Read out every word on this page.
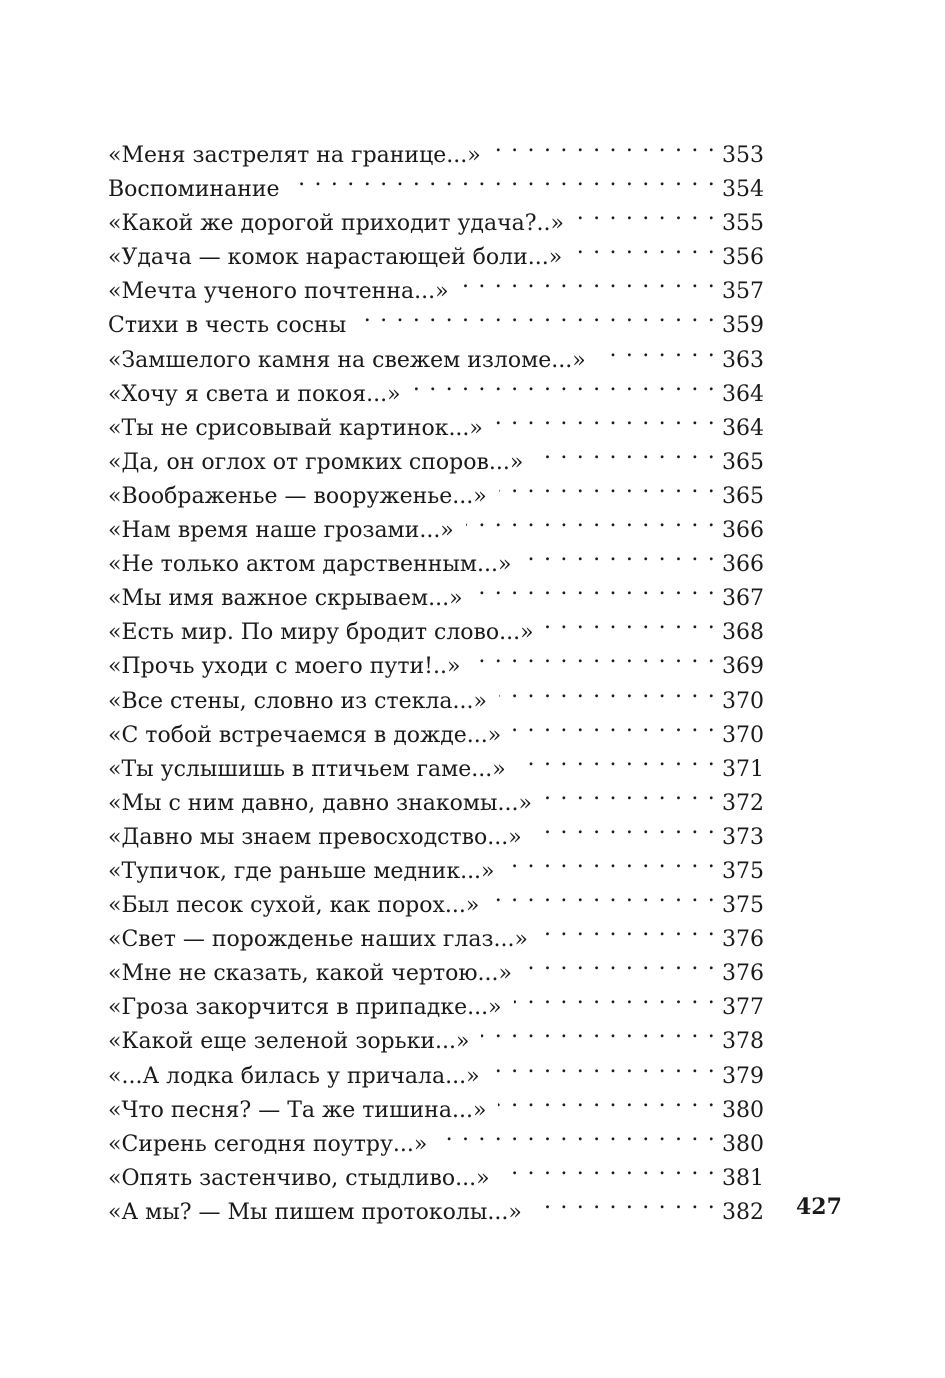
«Меня застрелят на границе...» . . .	353
Воспоминание . . .	354
«Какой же дорогой приходит удача?..» . . .	355
«Удача — комок нарастающей боли...» . . .	356
«Мечта ученого почтенна...» . . .	357
Стихи в честь сосны . . .	359
«Замшелого камня на свежем изломе...» . . .	363
«Хочу я света и покоя...» . . .	364
«Ты не срисовывай картинок...» . . .	364
«Да, он оглох от громких споров...» . . .	365
«Воображенье — вооруженье...» . . .	365
«Нам время наше грозами...» . . .	366
«Не только актом дарственным...» . . .	366
«Мы имя важное скрываем...» . . .	367
«Есть мир. По миру бродит слово...» . . .	368
«Прочь уходи с моего пути!..» . . .	369
«Все стены, словно из стекла...» . . .	370
«С тобой встречаемся в дожде...» . . .	370
«Ты услышишь в птичьем гаме...» . . .	371
«Мы с ним давно, давно знакомы...» . . .	372
«Давно мы знаем превосходство...» . . .	373
«Тупичок, где раньше медник...» . . .	375
«Был песок сухой, как порох...» . . .	375
«Свет — порожденье наших глаз...» . . .	376
«Мне не сказать, какой чертою...» . . .	376
«Гроза закорчится в припадке...» . . .	377
«Какой еще зеленой зорьки...» . . .	378
«...А лодка билась у причала...» . . .	379
«Что песня? — Та же тишина...» . . .	380
«Сирень сегодня поутру...» . . .	380
«Опять застенчиво, стыдливо...» . . .	381
«А мы? — Мы пишем протоколы...» . . .	382 427
